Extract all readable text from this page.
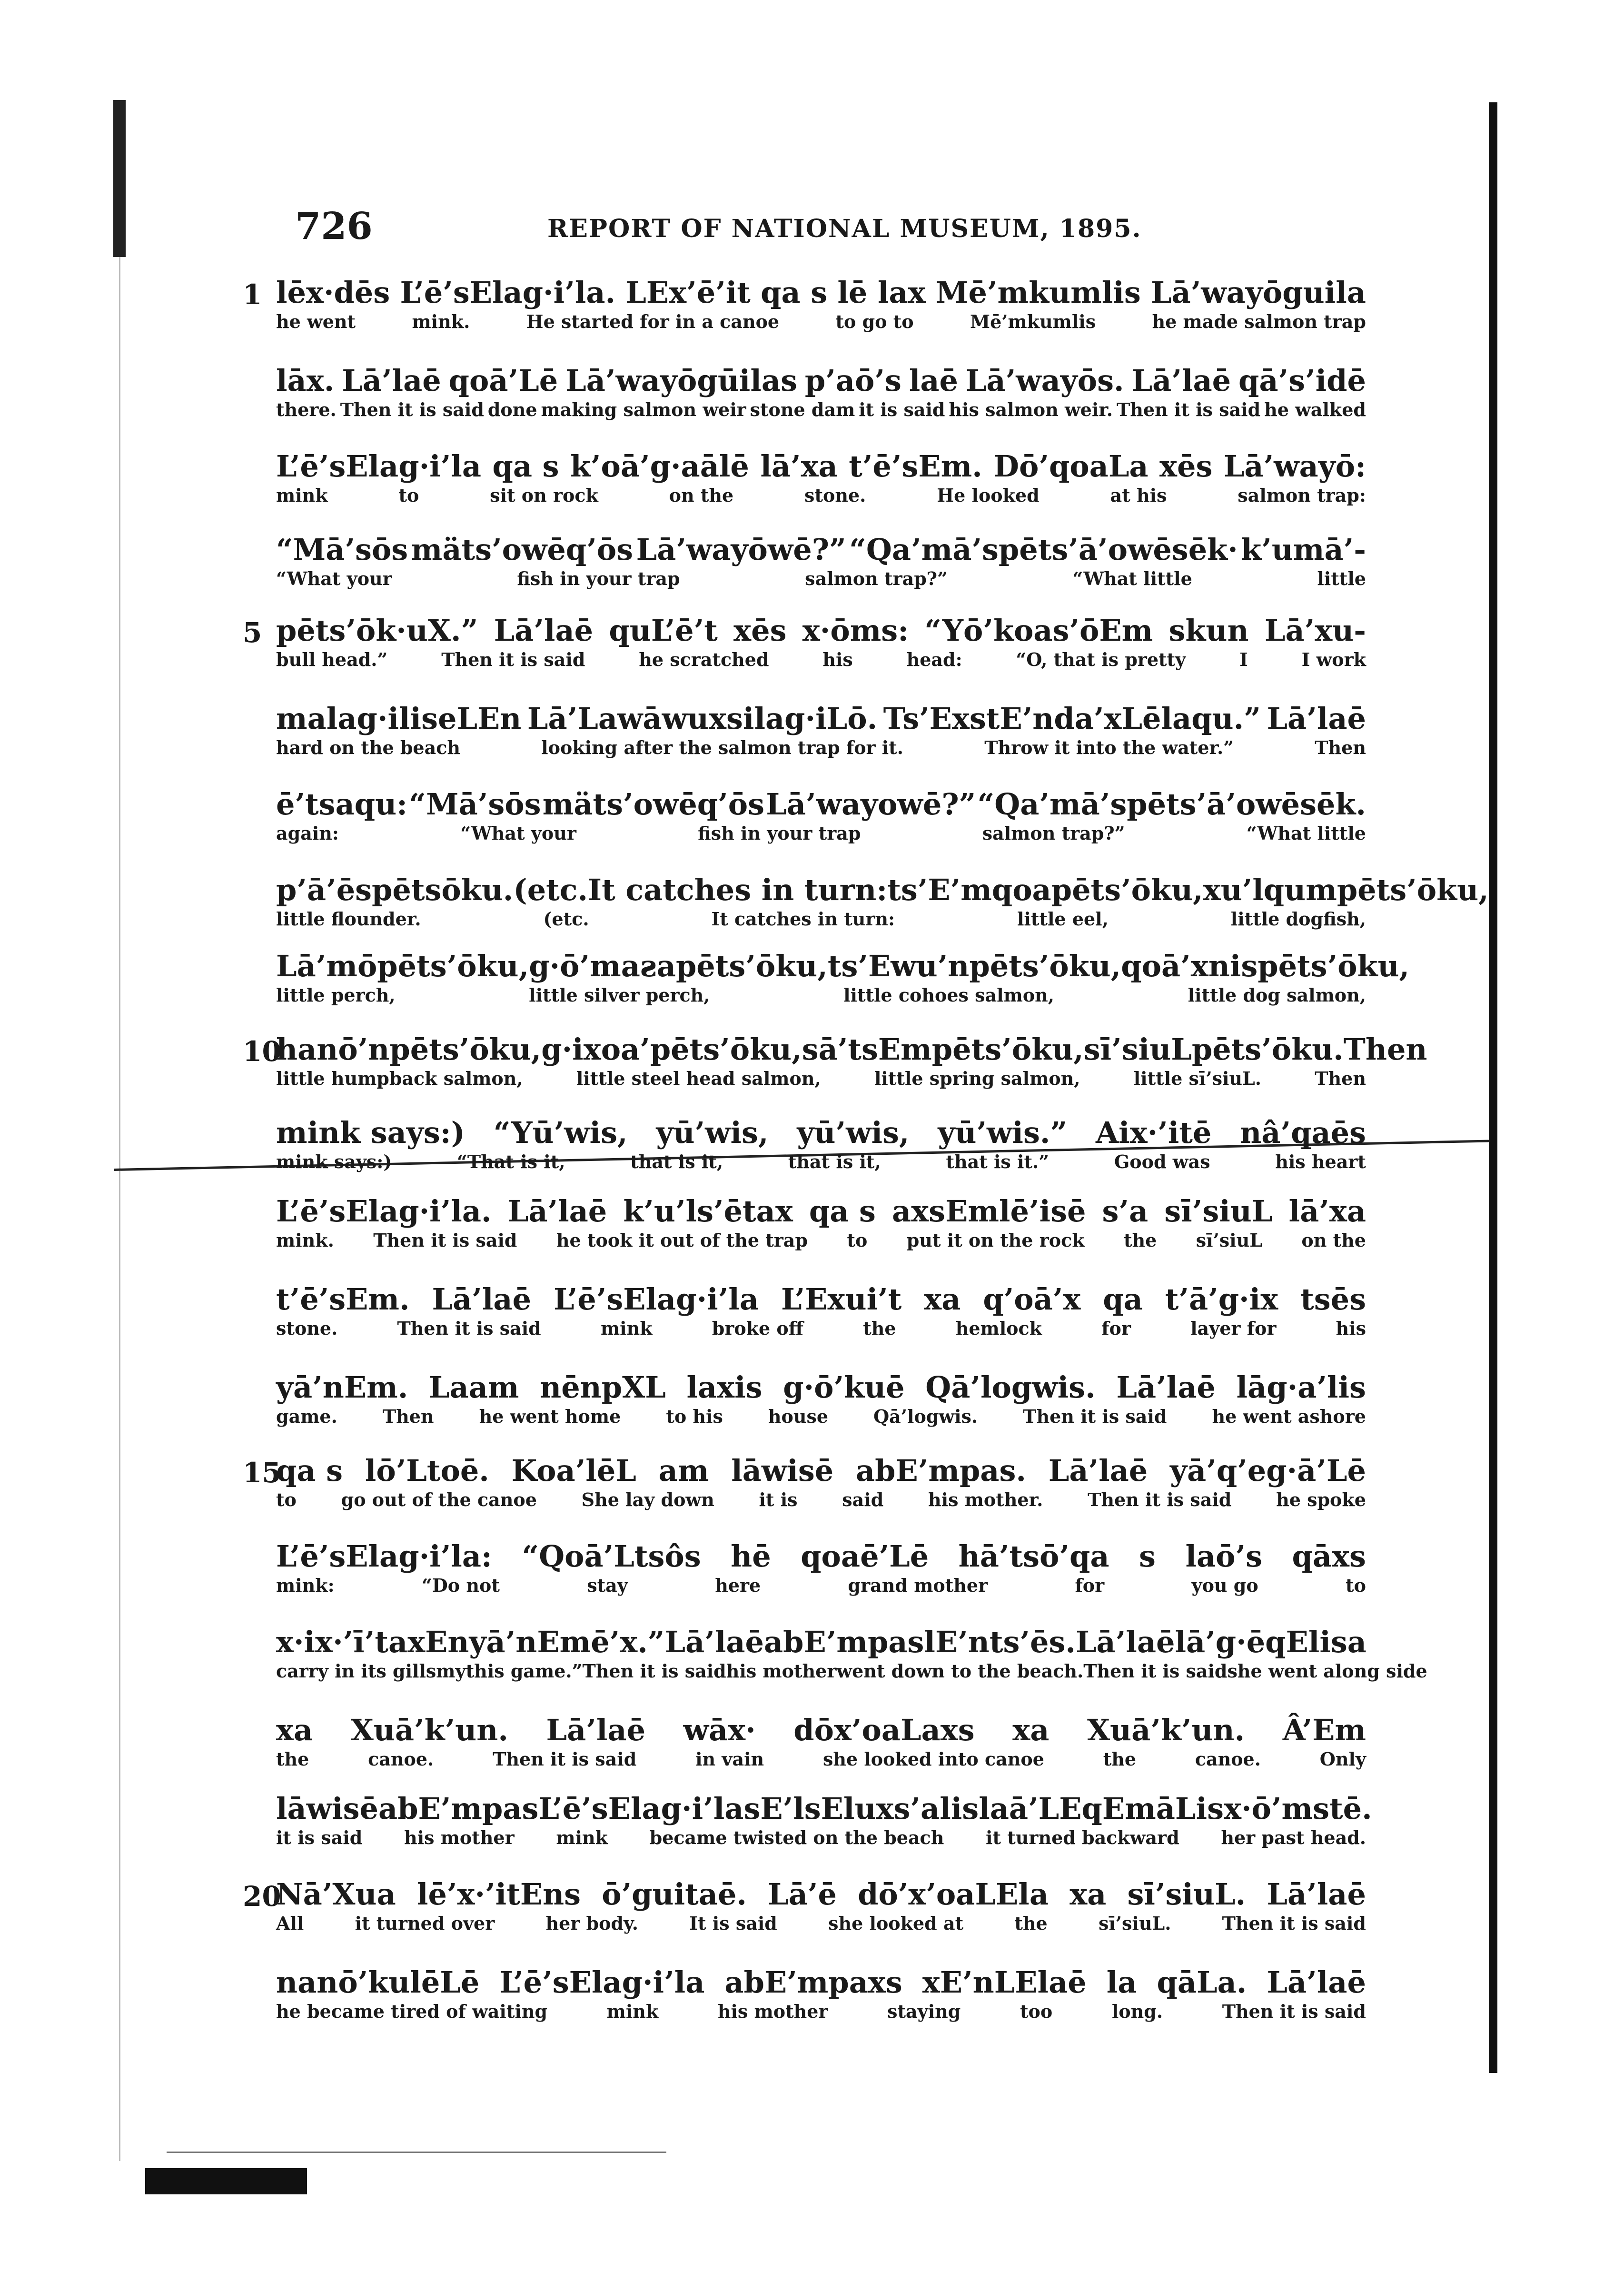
726	REPORT OF NATIONAL MUSEUM, 1895.
1 lēx·dēs L’ē’sElag·i’la. LEx’ē’it qa s lē lax Mē’mkumlis Lā’wayōguila
he went	mink.	He started for in a canoe	to go to	Mē’mkumlis	he made salmon trap
lāx. Lā’laē qoā’Lē Lā’wayōgūilas p’aō’s laē Lā’wayōs. Lā’laē qā’s’idē
there. Then it is said done making salmon weir stone dam it is said his salmon weir. Then it is said he walked
L’ē’sElag·i’la qa s k’oā’g·aālē lā’xa t’ē’sEm. Dō’qoaLa xēs Lā’wayō:
mink	to	sit on rock	on the	stone.	He looked	at his	salmon trap:
“Mā’sōs mäts’owēq’ōs Lā’wayōwē?” “Qa’mā’spēts’ā’owēsēk· k’umā’-
“What your	fish in your trap	salmon trap?”	“What little	little
5 pēts’ōk·uX.” Lā’laē quL’ē’t xēs x·ōms: “Yō’koas’ōEm skun Lā’xu-
bull head.”	Then it is said	he scratched	his	head:	“O, that is pretty	I	I work
malag·iliseLEn Lā’Lawāwuxsilag·iLō. Ts’ExstE’nda’xLēlaqu.” Lā’laē
hard on the beach	looking after the salmon trap for it.	Throw it into the water.”	Then
ē’tsaqu: “Mā’sōs mäts’owēq’ōs Lā’wayowē?” “Qa’mā’spēts’ā’owēsēk.
again:	“What your	fish in your trap	salmon trap?”	“What little
p’ā’ēspētsōku. (etc. It catches in turn: ts’E’mqoapēts’ōku, xu’lqumpēts’ōku,
little flounder.	(etc.	It catches in turn:	little eel,	little dogfish,
Lā’mōpēts’ōku, g·ō’maƨapēts’ōku, ts’Ewu’npēts’ōku, qoā’xnispēts’ōku,
little perch,	little silver perch,	little cohoes salmon,	little dog salmon,
10
hanō’npēts’ōku, g·ixoa’pēts’ōku, sā’tsEmpēts’ōku, sī’siuLpēts’ōku. Then
little humpback salmon,	little steel head salmon,	little spring salmon,	little sī’siuL.	Then
mink says:) “Yū’wis, yū’wis, yū’wis, yū’wis.” Aix·’itē nâ’qaēs
mink says:)	“That is it,	that is it,	that is it,	that is it.”	Good was	his heart
L’ē’sElag·i’la. Lā’laē k’u’ls’ētax qa s axsEmlē’isē s’a sī’siuL lā’xa
mink. Then it is said he took it out of the trap to put it on the rock the sī’siuL on the
t’ē’sEm. Lā’laē L’ē’sElag·i’la L’Exui’t xa q’oā’x qa t’ā’g·ix tsēs
stone.	Then it is said	mink	broke off	the	hemlock	for	layer for	his
yā’nEm. Laam nēnpXL laxis g·ō’kuē Qā’logwis. Lā’laē lāg·a’lis
game.	Then	he went home	to his	house	Qā’logwis.	Then it is said	he went ashore
15
qa s lō’Ltoē. Koa’lēL am lāwisē abE’mpas. Lā’laē yā’q’eg·ā’Lē
to go out of the canoe She lay down it is said his mother. Then it is said he spoke
L’ē’sElag·i’la: “Qoā’Ltsôs hē qoaē’Lē hā’tsō’qa s laō’s qāxs
mink:	“Do not	stay	here	grand mother	for	you go	to
x·ix·’ī’ta xEn yā’nEmē’x.” Lā’laē abE’mpas lE’nts’ēs. Lā’laē lā’g·ēqElisa
carry in its gills my this game.” Then it is said his mother went down to the beach. Then it is said she went along side
xa Xuā’k’un. Lā’laē wāx· dōx’oaLaxs xa Xuā’k’un. Â’Em
the	canoe.	Then it is said	in vain	she looked into canoe	the	canoe.	Only
lāwisē abE’mpas L’ē’sElag·i’la sE’lsEluxs’alis laā’LEqEmāLis x·ō’mstē.
it is said his mother mink became twisted on the beach it turned backward her past head.
20
Nā’Xua lē’x·’itEns ō’guitaē. Lā’ē dō’x’oaLEla xa sī’siuL. Lā’laē
All	it turned over	her body.	It is said	she looked at	the	sī’siuL.	Then it is said
nanō’kulēLē L’ē’sElag·i’la abE’mpaxs xE’nLElaē la qāLa. Lā’laē
he became tired of waiting	mink	his mother	staying	too	long.	Then it is said
